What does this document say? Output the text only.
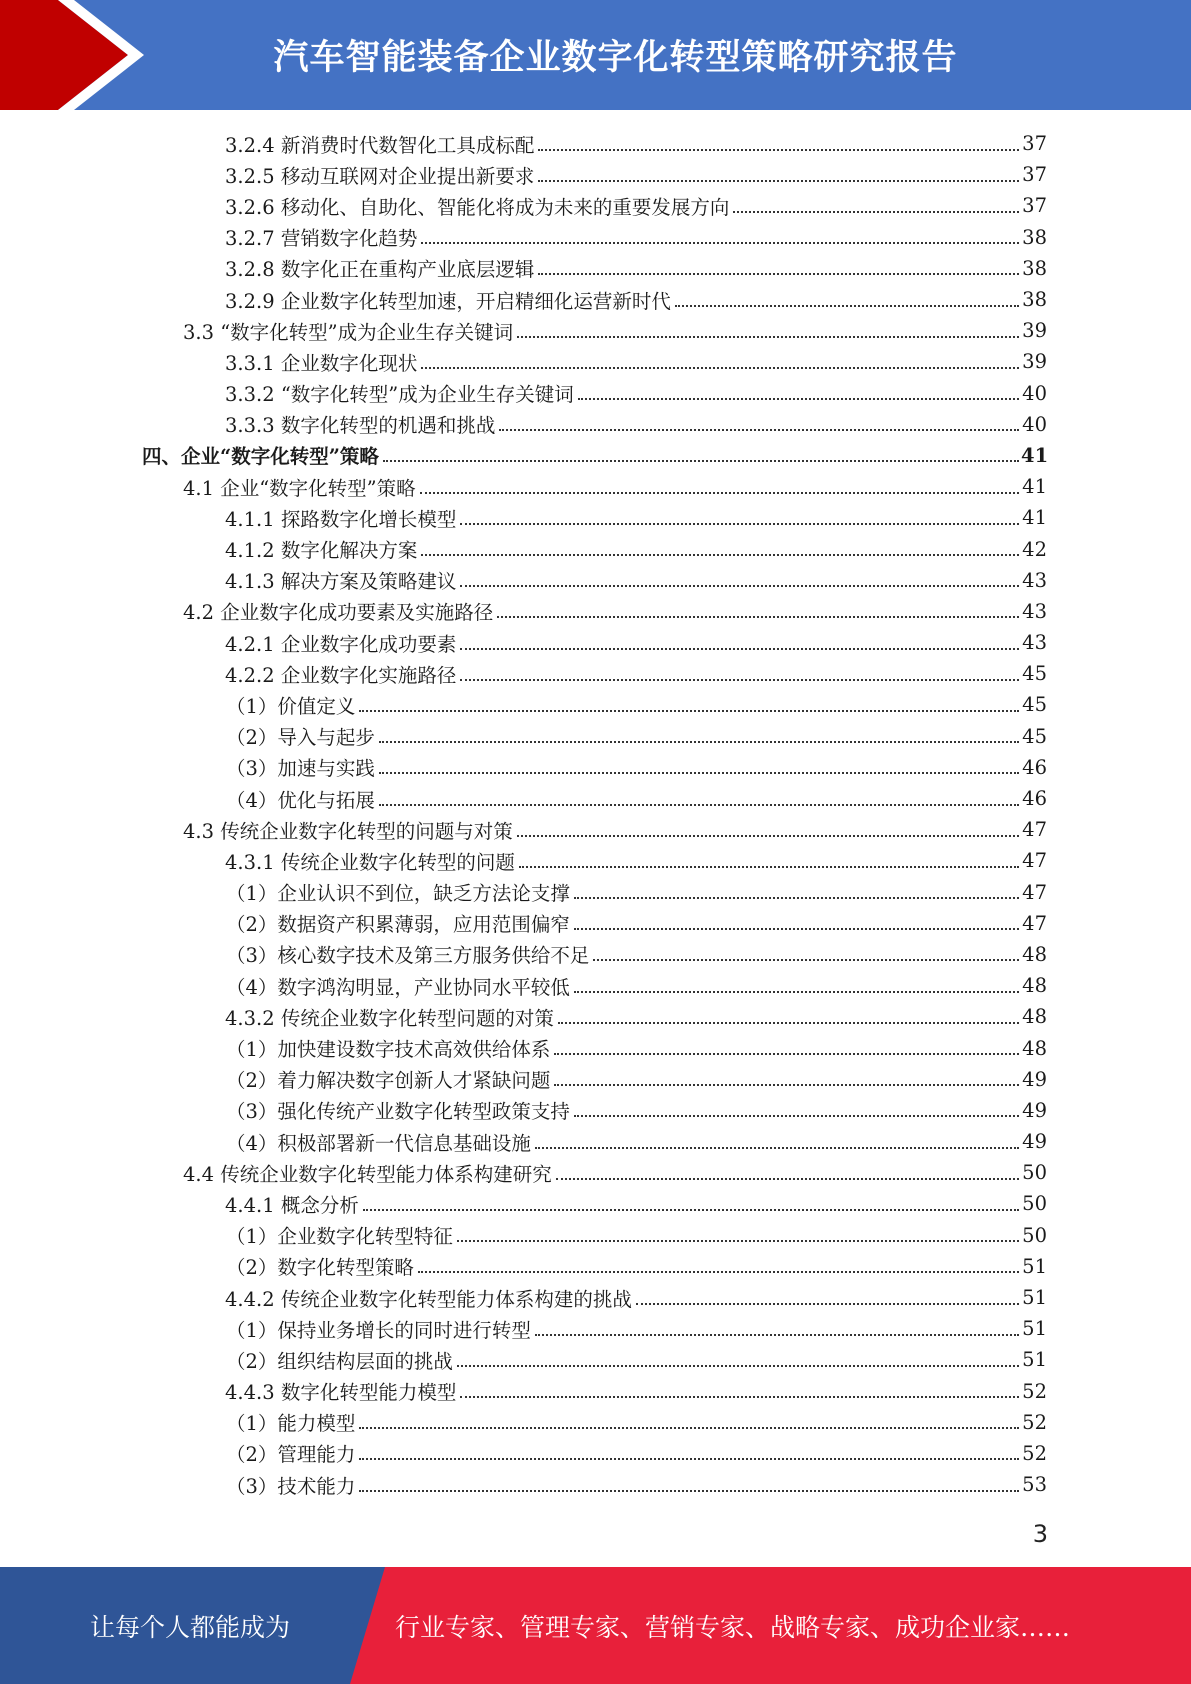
汽车智能装备企业数字化转型策略研究报告
3.2.4 新消费时代数智化工具成标配	37
3.2.5 移动互联网对企业提出新要求	37
3.2.6 移动化、自助化、智能化将成为未来的重要发展方向	37
3.2.7 营销数字化趋势	38
3.2.8 数字化正在重构产业底层逻辑	38
3.2.9 企业数字化转型加速，开启精细化运营新时代	38
3.3 “数字化转型”成为企业生存关键词	39
3.3.1 企业数字化现状	39
3.3.2 “数字化转型”成为企业生存关键词	40
3.3.3 数字化转型的机遇和挑战	40
四、企业“数字化转型”策略	41
4.1 企业“数字化转型”策略	41
4.1.1 探路数字化增长模型	41
4.1.2 数字化解决方案	42
4.1.3 解决方案及策略建议	43
4.2 企业数字化成功要素及实施路径	43
4.2.1 企业数字化成功要素	43
4.2.2 企业数字化实施路径	45
（1）价值定义	45
（2）导入与起步	45
（3）加速与实践	46
（4）优化与拓展	46
4.3 传统企业数字化转型的问题与对策	47
4.3.1 传统企业数字化转型的问题	47
（1）企业认识不到位，缺乏方法论支撑	47
（2）数据资产积累薄弱，应用范围偏窄	47
（3）核心数字技术及第三方服务供给不足	48
（4）数字鸿沟明显，产业协同水平较低	48
4.3.2 传统企业数字化转型问题的对策	48
（1）加快建设数字技术高效供给体系	48
（2）着力解决数字创新人才紧缺问题	49
（3）强化传统产业数字化转型政策支持	49
（4）积极部署新一代信息基础设施	49
4.4 传统企业数字化转型能力体系构建研究	50
4.4.1 概念分析	50
（1）企业数字化转型特征	50
（2）数字化转型策略	51
4.4.2 传统企业数字化转型能力体系构建的挑战	51
（1）保持业务增长的同时进行转型	51
（2）组织结构层面的挑战	51
4.4.3 数字化转型能力模型	52
（1）能力模型	52
（2）管理能力	52
（3）技术能力	53
3
让每个人都能成为	行业专家、管理专家、营销专家、战略专家、成功企业家……
